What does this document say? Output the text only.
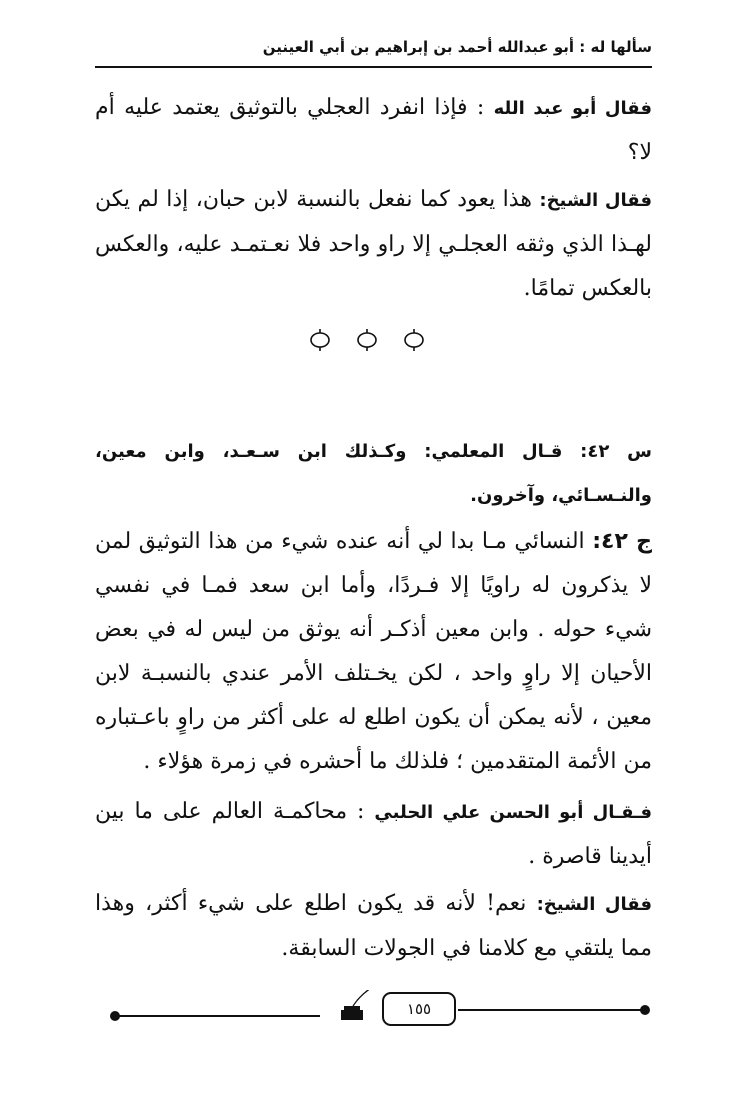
سألها له : أبو عبدالله أحمد بن إبراهيم بن أبي العينين
فقال أبو عبد الله : فإذا انفرد العجلي بالتوثيق يعتمد عليه أم لا؟
فقال الشيخ: هذا يعود كما نفعل بالنسبة لابن حبان، إذا لم يكن لهـذا الذي وثقه العجلـي إلا راو واحد فلا نعـتمـد عليه، والعكس بالعكس تمامًا.
س ٤٢: قـال المعلمي: وكـذلك ابن سـعـد، وابن معين، والنـسـائي، وآخرون.
ج ٤٢: النسائي مـا بدا لي أنه عنده شيء من هذا التوثيق لمن لا يذكرون له راويًا إلا فـردًا، وأما ابن سعد فمـا في نفسي شيء حوله . وابن معين أذكـر أنه يوثق من ليس له في بعض الأحيان إلا راوٍ واحد ، لكن يخـتلف الأمر عندي بالنسبـة لابن معين ، لأنه يمكن أن يكون اطلع له على أكثر من راوٍ باعـتباره من الأئمة المتقدمين ؛ فلذلك ما أحشره في زمرة هؤلاء .
فـقـال أبو الحسن علي الحلبي : محاكمـة العالم على ما بين أيدينا قاصرة .
فقال الشيخ: نعم! لأنه قد يكون اطلع على شيء أكثر، وهذا مما يلتقي مع كلامنا في الجولات السابقة.
١٥٥
